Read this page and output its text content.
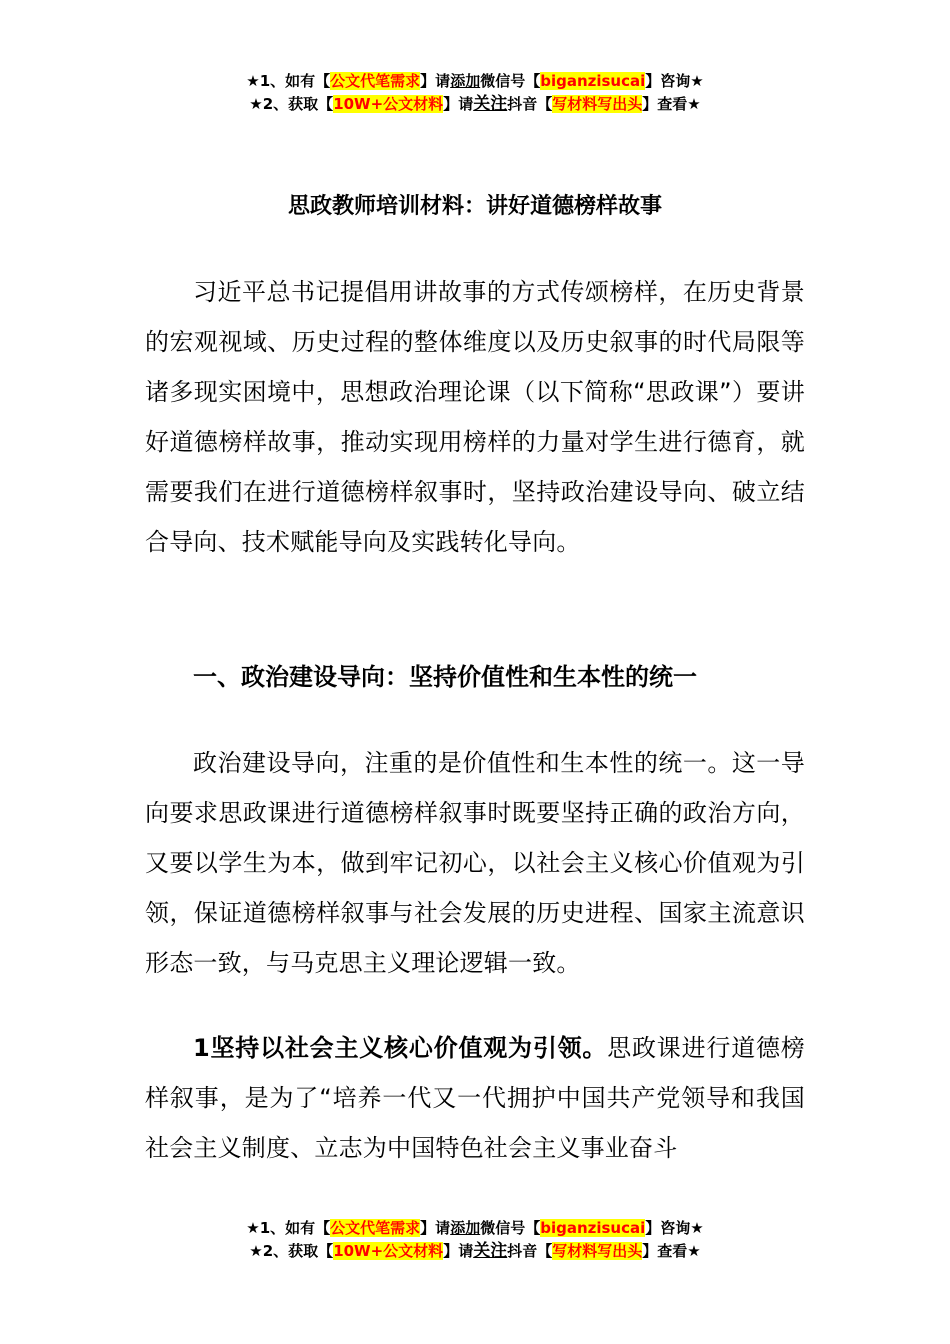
★1、如有【公文代笔需求】请添加微信号【biganzisucai】咨询★
★2、获取【10W+公文材料】请关注抖音【写材料写出头】查看★
思政教师培训材料：讲好道德榜样故事

习近平总书记提倡用讲故事的方式传颂榜样，在历史背景的宏观视域、历史过程的整体维度以及历史叙事的时代局限等诸多现实困境中，思想政治理论课（以下简称“思政课”）要讲好道德榜样故事，推动实现用榜样的力量对学生进行德育，就需要我们在进行道德榜样叙事时，坚持政治建设导向、破立结合导向、技术赋能导向及实践转化导向。

一、政治建设导向：坚持价值性和生本性的统一

政治建设导向，注重的是价值性和生本性的统一。这一导向要求思政课进行道德榜样叙事时既要坚持正确的政治方向，又要以学生为本，做到牢记初心，以社会主义核心价值观为引领，保证道德榜样叙事与社会发展的历史进程、国家主流意识形态一致，与马克思主义理论逻辑一致。

1坚持以社会主义核心价值观为引领。思政课进行道德榜样叙事，是为了“培养一代又一代拥护中国共产党领导和我国社会主义制度、立志为中国特色社会主义事业奋斗

★1、如有【公文代笔需求】请添加微信号【biganzisucai】咨询★
★2、获取【10W+公文材料】请关注抖音【写材料写出头】查看★
